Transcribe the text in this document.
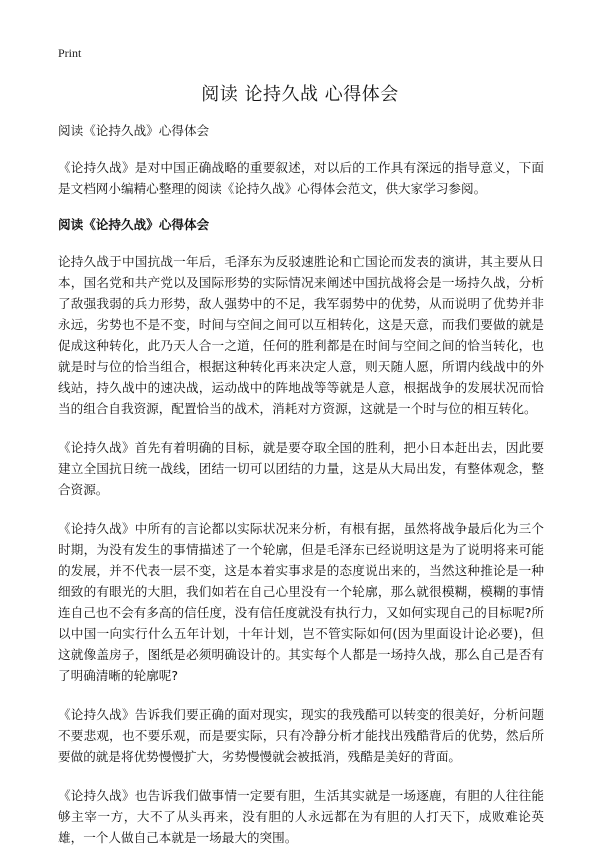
Print
阅读 论持久战 心得体会

阅读《论持久战》心得体会

《论持久战》是对中国正确战略的重要叙述，对以后的工作具有深远的指导意义，下面是文档网小编精心整理的阅读《论持久战》心得体会范文，供大家学习参阅。

阅读《论持久战》心得体会

论持久战于中国抗战一年后，毛泽东为反驳速胜论和亡国论而发表的演讲，其主要从日本，国名党和共产党以及国际形势的实际情况来阐述中国抗战将会是一场持久战，分析了敌强我弱的兵力形势，敌人强势中的不足，我军弱势中的优势，从而说明了优势并非永远，劣势也不是不变，时间与空间之间可以互相转化，这是天意，而我们要做的就是促成这种转化，此乃天人合一之道，任何的胜利都是在时间与空间之间的恰当转化，也就是时与位的恰当组合，根据这种转化再来决定人意，则天随人愿，所谓内线战中的外线站，持久战中的速决战，运动战中的阵地战等等就是人意，根据战争的发展状况而恰当的组合自我资源，配置恰当的战术，消耗对方资源，这就是一个时与位的相互转化。

《论持久战》首先有着明确的目标，就是要夺取全国的胜利，把小日本赶出去，因此要建立全国抗日统一战线，团结一切可以团结的力量，这是从大局出发，有整体观念，整合资源。

《论持久战》中所有的言论都以实际状况来分析，有根有据，虽然将战争最后化为三个时期，为没有发生的事情描述了一个轮廓，但是毛泽东已经说明这是为了说明将来可能的发展，并不代表一层不变，这是本着实事求是的态度说出来的，当然这种推论是一种细致的有眼光的大胆，我们如若在自己心里没有一个轮廓，那么就很模糊，模糊的事情连自己也不会有多高的信任度，没有信任度就没有执行力，又如何实现自己的目标呢?所以中国一向实行什么五年计划，十年计划，岂不管实际如何(因为里面设计论必要)，但这就像盖房子，图纸是必须明确设计的。其实每个人都是一场持久战，那么自己是否有了明确清晰的轮廓呢?

《论持久战》告诉我们要正确的面对现实，现实的我残酷可以转变的很美好，分析问题不要悲观，也不要乐观，而是要实际，只有冷静分析才能找出残酷背后的优势，然后所要做的就是将优势慢慢扩大，劣势慢慢就会被抵消，残酷是美好的背面。

《论持久战》也告诉我们做事情一定要有胆，生活其实就是一场逐鹿，有胆的人往往能够主宰一方，大不了从头再来，没有胆的人永远都在为有胆的人打天下，成败难论英雄，一个人做自己本就是一场最大的突围。
